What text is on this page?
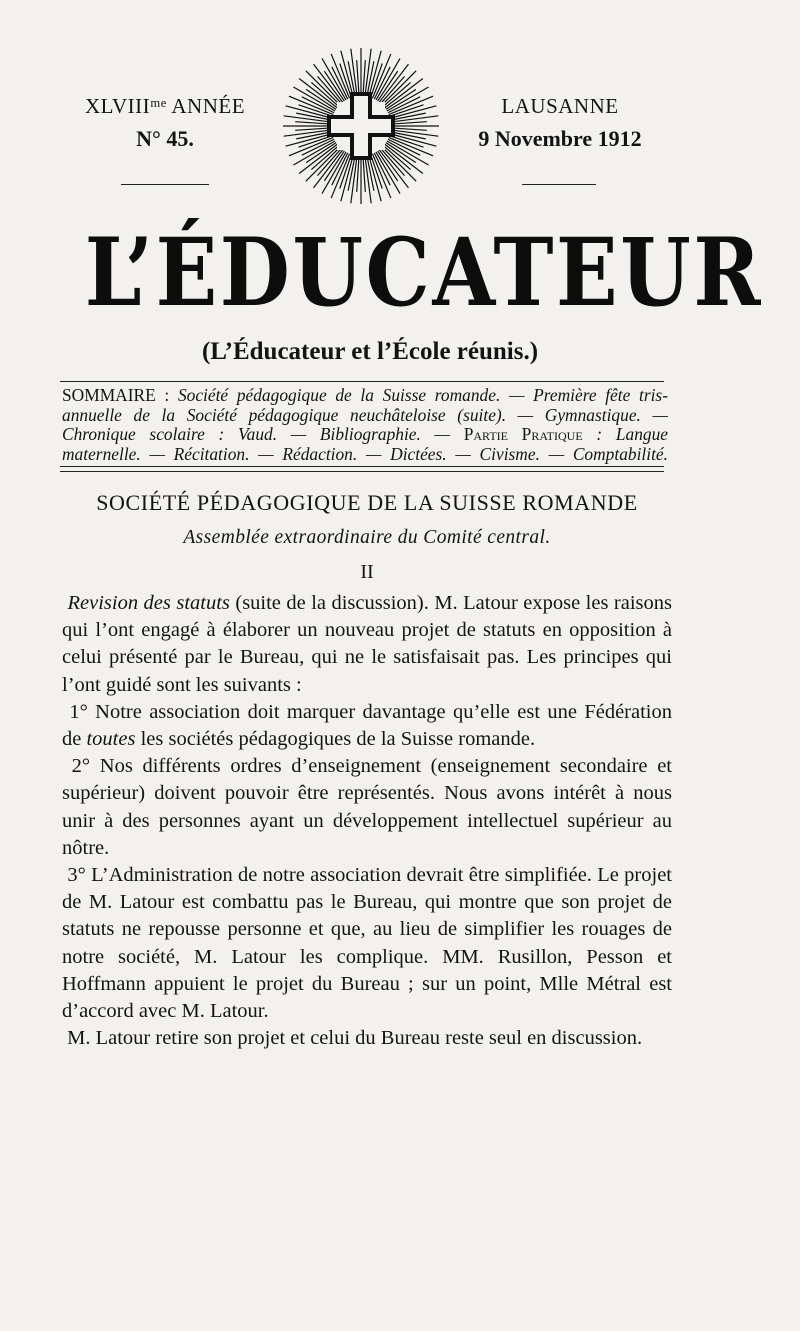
XLVIIIᵐᵉ ANNÉE
N° 45.
LAUSANNE
9 Novembre 1912
L’ÉDUCATEUR
(L’Éducateur et l’École réunis.)
SOMMAIRE : Société pédagogique de la Suisse romande. — Première fête tris-
annuelle de la Société pédagogique neuchâteloise (suite). — Gymnastique. —
Chronique scolaire : Vaud. — Bibliographie. — Partie Pratique : Langue
maternelle. — Récitation. — Rédaction. — Dictées. — Civisme. — Comptabilité.
SOCIÉTÉ PÉDAGOGIQUE DE LA SUISSE ROMANDE
Assemblée extraordinaire du Comité central.
II

Revision des statuts (suite de la discussion). M. Latour expose les raisons qui l’ont engagé à élaborer un nouveau projet de statuts en opposition à celui présenté par le Bureau, qui ne le satisfaisait pas. Les principes qui l’ont guidé sont les suivants :

1° Notre association doit marquer davantage qu’elle est une Fédération de toutes les sociétés pédagogiques de la Suisse romande.

2° Nos différents ordres d’enseignement (enseignement secondaire et supérieur) doivent pouvoir être représentés. Nous avons intérêt à nous unir à des personnes ayant un développement intellectuel supérieur au nôtre.

3° L’Administration de notre association devrait être simplifiée. Le projet de M. Latour est combattu pas le Bureau, qui montre que son projet de statuts ne repousse personne et que, au lieu de simplifier les rouages de notre société, M. Latour les complique. MM. Rusillon, Pesson et Hoffmann appuient le projet du Bureau ; sur un point, Mlle Métral est d’accord avec M. Latour.

M. Latour retire son projet et celui du Bureau reste seul en discussion.
